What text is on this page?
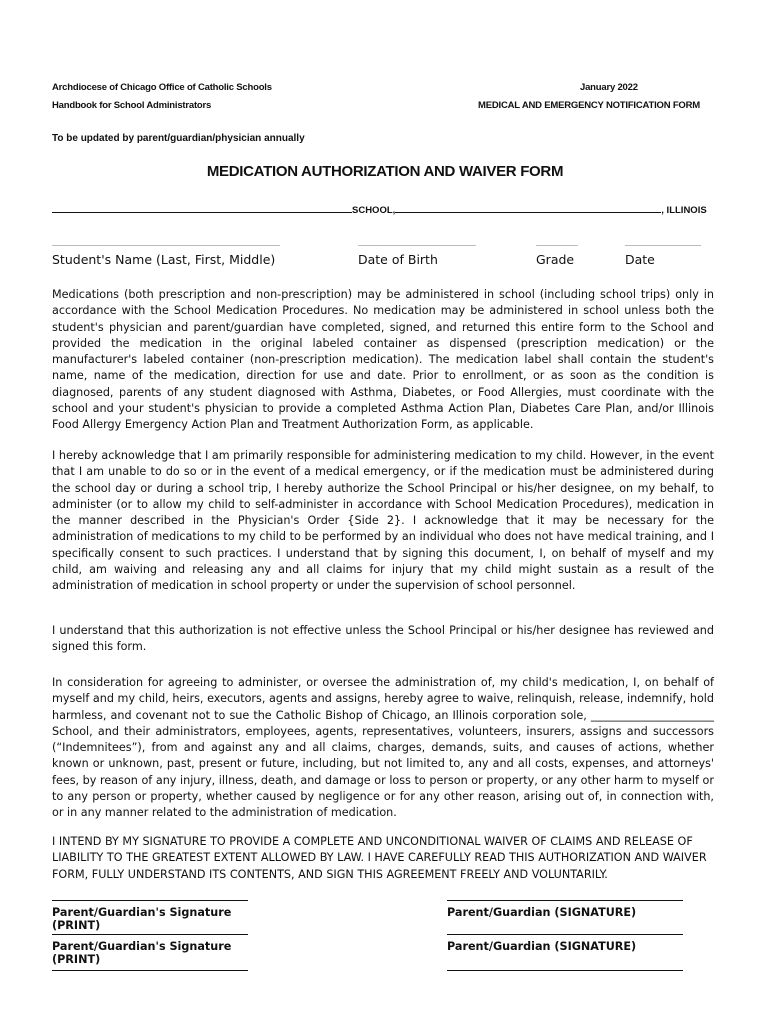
Archdiocese of Chicago Office of Catholic Schools	January 2022
Handbook for School Administrators	MEDICAL AND EMERGENCY NOTIFICATION FORM
To be updated by parent/guardian/physician annually
MEDICATION AUTHORIZATION AND WAIVER FORM
SCHOOL,	, ILLINOIS
Student's Name (Last, First, Middle)	Date of Birth	Grade	Date
Medications (both prescription and non-prescription) may be administered in school (including school trips) only in accordance with the School Medication Procedures. No medication may be administered in school unless both the student's physician and parent/guardian have completed, signed, and returned this entire form to the School and provided the medication in the original labeled container as dispensed (prescription medication) or the manufacturer's labeled container (non-prescription medication). The medication label shall contain the student's name, name of the medication, direction for use and date. Prior to enrollment, or as soon as the condition is diagnosed, parents of any student diagnosed with Asthma, Diabetes, or Food Allergies, must coordinate with the school and your student's physician to provide a completed Asthma Action Plan, Diabetes Care Plan, and/or Illinois Food Allergy Emergency Action Plan and Treatment Authorization Form, as applicable.
I hereby acknowledge that I am primarily responsible for administering medication to my child. However, in the event that I am unable to do so or in the event of a medical emergency, or if the medication must be administered during the school day or during a school trip, I hereby authorize the School Principal or his/her designee, on my behalf, to administer (or to allow my child to self-administer in accordance with School Medication Procedures), medication in the manner described in the Physician's Order {Side 2}. I acknowledge that it may be necessary for the administration of medications to my child to be performed by an individual who does not have medical training, and I specifically consent to such practices. I understand that by signing this document, I, on behalf of myself and my child, am waiving and releasing any and all claims for injury that my child might sustain as a result of the administration of medication in school property or under the supervision of school personnel.
I understand that this authorization is not effective unless the School Principal or his/her designee has reviewed and signed this form.
In consideration for agreeing to administer, or oversee the administration of, my child's medication, I, on behalf of myself and my child, heirs, executors, agents and assigns, hereby agree to waive, relinquish, release, indemnify, hold harmless, and covenant not to sue the Catholic Bishop of Chicago, an Illinois corporation sole, ______________________ School, and their administrators, employees, agents, representatives, volunteers, insurers, assigns and successors (“Indemnitees”), from and against any and all claims, charges, demands, suits, and causes of actions, whether known or unknown, past, present or future, including, but not limited to, any and all costs, expenses, and attorneys' fees, by reason of any injury, illness, death, and damage or loss to person or property, or any other harm to myself or to any person or property, whether caused by negligence or for any other reason, arising out of, in connection with, or in any manner related to the administration of medication.
I INTEND BY MY SIGNATURE TO PROVIDE A COMPLETE AND UNCONDITIONAL WAIVER OF CLAIMS AND RELEASE OF LIABILITY TO THE GREATEST EXTENT ALLOWED BY LAW. I HAVE CAREFULLY READ THIS AUTHORIZATION AND WAIVER FORM, FULLY UNDERSTAND ITS CONTENTS, AND SIGN THIS AGREEMENT FREELY AND VOLUNTARILY.
Parent/Guardian's Signature (PRINT)
Parent/Guardian (SIGNATURE)
Parent/Guardian's Signature (PRINT)
Parent/Guardian (SIGNATURE)
